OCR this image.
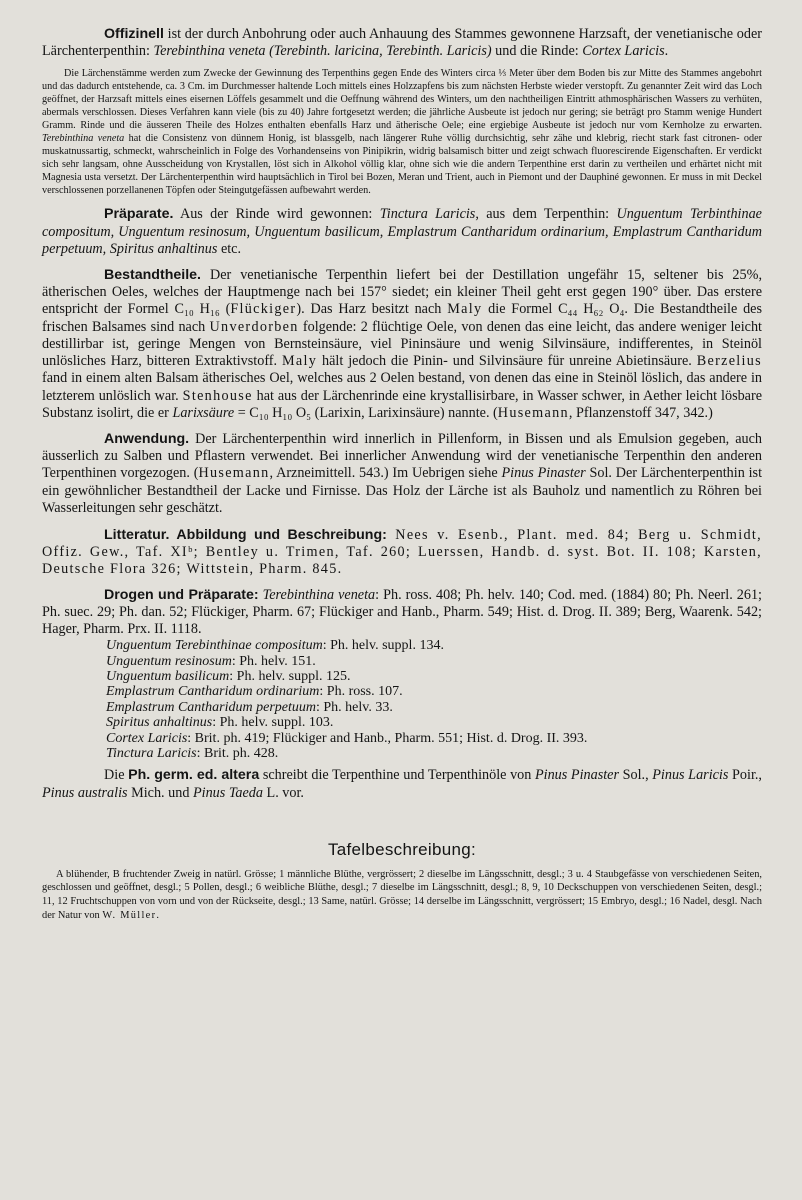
Offizinell ist der durch Anbohrung oder auch Anhauung des Stammes gewonnene Harzsaft, der venetianische oder Lärchenterpenthin: Terebinthina veneta (Terebinth. laricina, Terebinth. Laricis) und die Rinde: Cortex Laricis.

Die Lärchenstämme werden zum Zwecke der Gewinnung des Terpenthins gegen Ende des Winters circa ⅓ Meter über dem Boden bis zur Mitte des Stammes angebohrt und das dadurch entstehende, ca. 3 Cm. im Durchmesser haltende Loch mittels eines Holzzapfens bis zum nächsten Herbste wieder verstopft. Zu genannter Zeit wird das Loch geöffnet, der Harzsaft mittels eines eisernen Löffels gesammelt und die Oeffnung während des Winters, um den nachtheiligen Eintritt athmosphärischen Wassers zu verhüten, abermals verschlossen. Dieses Verfahren kann viele (bis zu 40) Jahre fortgesetzt werden; die jährliche Ausbeute ist jedoch nur gering; sie beträgt pro Stamm wenige Hundert Gramm. Rinde und die äusseren Theile des Holzes enthalten ebenfalls Harz und ätherische Oele; eine ergiebige Ausbeute ist jedoch nur vom Kernholze zu erwarten. Terebinthina veneta hat die Consistenz von dünnem Honig, ist blassgelb, nach längerer Ruhe völlig durchsichtig, sehr zähe und klebrig, riecht stark fast citronen- oder muskatnussartig, schmeckt, wahrscheinlich in Folge des Vorhandenseins von Pinipikrin, widrig balsamisch bitter und zeigt schwach fluorescirende Eigenschaften. Er verdickt sich sehr langsam, ohne Ausscheidung von Krystallen, löst sich in Alkohol völlig klar, ohne sich wie die andern Terpenthine erst darin zu vertheilen und erhärtet nicht mit Magnesia usta versetzt. Der Lärchenterpenthin wird hauptsächlich in Tirol bei Bozen, Meran und Trient, auch in Piemont und der Dauphiné gewonnen. Er muss in mit Deckel verschlossenen porzellanenen Töpfen oder Steingutgefässen aufbewahrt werden.

Präparate. Aus der Rinde wird gewonnen: Tinctura Laricis, aus dem Terpenthin: Unguentum Terbinthinae compositum, Unguentum resinosum, Unguentum basilicum, Emplastrum Cantharidum ordinarium, Emplastrum Cantharidum perpetuum, Spiritus anhaltinus etc.

Bestandtheile. Der venetianische Terpenthin liefert bei der Destillation ungefähr 15, seltener bis 25%, ätherischen Oeles, welches der Hauptmenge nach bei 157° siedet; ein kleiner Theil geht erst gegen 190° über. Das erstere entspricht der Formel C₁₀ H₁₆ (Flückiger). Das Harz besitzt nach Maly die Formel C₄₄ H₆₂ O₄. Die Bestandtheile des frischen Balsames sind nach Unverdorben folgende: 2 flüchtige Oele, von denen das eine leicht, das andere weniger leicht destillirbar ist, geringe Mengen von Bernsteinsäure, viel Pininsäure und wenig Silvinsäure, indifferentes, in Steinöl unlösliches Harz, bitteren Extraktivstoff. Maly hält jedoch die Pinin- und Silvinsäure für unreine Abietinsäure. Berzelius fand in einem alten Balsam ätherisches Oel, welches aus 2 Oelen bestand, von denen das eine in Steinöl löslich, das andere in letzterem unlöslich war. Stenhouse hat aus der Lärchenrinde eine krystallisirbare, in Wasser schwer, in Aether leicht lösbare Substanz isolirt, die er Larixsäure = C₁₀ H₁₀ O₅ (Larixin, Larixinsäure) nannte. (Husemann, Pflanzenstoff 347, 342.)

Anwendung. Der Lärchenterpenthin wird innerlich in Pillenform, in Bissen und als Emulsion gegeben, auch äusserlich zu Salben und Pflastern verwendet. Bei innerlicher Anwendung wird der venetianische Terpenthin den anderen Terpenthinen vorgezogen. (Husemann, Arzneimittell. 543.) Im Uebrigen siehe Pinus Pinaster Sol. Der Lärchenterpenthin ist ein gewöhnlicher Bestandtheil der Lacke und Firnisse. Das Holz der Lärche ist als Bauholz und namentlich zu Röhren bei Wasserleitungen sehr geschätzt.

Litteratur. Abbildung und Beschreibung: Nees v. Esenb., Plant. med. 84; Berg u. Schmidt, Offiz. Gew., Taf. XIᵇ; Bentley u. Trimen, Taf. 260; Luerssen, Handb. d. syst. Bot. II. 108; Karsten, Deutsche Flora 326; Wittstein, Pharm. 845.

Drogen und Präparate: Terebinthina veneta: Ph. ross. 408; Ph. helv. 140; Cod. med. (1884) 80; Ph. Neerl. 261; Ph. suec. 29; Ph. dan. 52; Flückiger, Pharm. 67; Flückiger and Hanb., Pharm. 549; Hist. d. Drog. II. 389; Berg, Waarenk. 542; Hager, Pharm. Prx. II. 1118.

Unguentum Terebinthinae compositum: Ph. helv. suppl. 134.
Unguentum resinosum: Ph. helv. 151.
Unguentum basilicum: Ph. helv. suppl. 125.
Emplastrum Cantharidum ordinarium: Ph. ross. 107.
Emplastrum Cantharidum perpetuum: Ph. helv. 33.
Spiritus anhaltinus: Ph. helv. suppl. 103.
Cortex Laricis: Brit. ph. 419; Flückiger and Hanb., Pharm. 551; Hist. d. Drog. II. 393.
Tinctura Laricis: Brit. ph. 428.

Die Ph. germ. ed. altera schreibt die Terpenthine und Terpenthinöle von Pinus Pinaster Sol., Pinus Laricis Poir., Pinus australis Mich. und Pinus Taeda L. vor.

Tafelbeschreibung:

A blühender, B fruchtender Zweig in natürl. Grösse; 1 männliche Blüthe, vergrössert; 2 dieselbe im Längsschnitt, desgl.; 3 u. 4 Staubgefässe von verschiedenen Seiten, geschlossen und geöffnet, desgl.; 5 Pollen, desgl.; 6 weibliche Blüthe, desgl.; 7 dieselbe im Längsschnitt, desgl.; 8, 9, 10 Deckschuppen von verschiedenen Seiten, desgl.; 11, 12 Fruchtschuppen von vorn und von der Rückseite, desgl.; 13 Same, natürl. Grösse; 14 derselbe im Längsschnitt, vergrössert; 15 Embryo, desgl.; 16 Nadel, desgl. Nach der Natur von W. Müller.
